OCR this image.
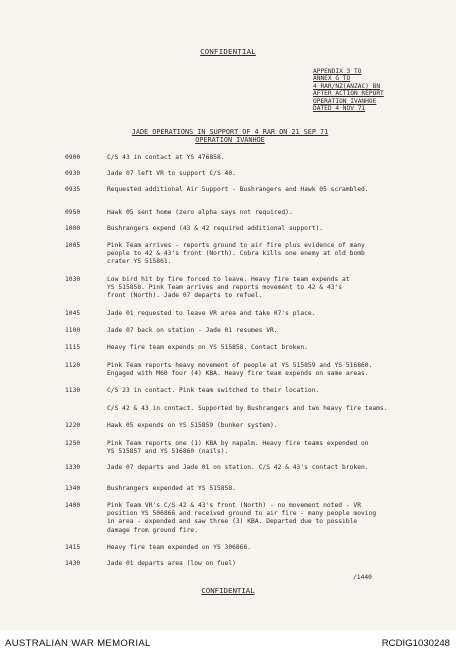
CONFIDENTIAL
APPENDIX 3 TO
ANNEX G TO
4 RAR/NZ(ANZAC) BN
AFTER ACTION REPORT
OPERATION IVANHOE
DATED 4 NOV 71
JADE OPERATIONS IN SUPPORT OF 4 RAR ON 21 SEP 71
OPERATION IVANHOE
0900	C/S 43 in contact at YS 476858.
0930	Jade 07 left VR to support C/S 40.
0935	Requested additional Air Support - Bushrangers and Hawk 05 scrambled.
0950	Hawk 05 sent home (zero alpha says not required).
1000	Bushrangers expend (43 & 42 required additional support).
1005	Pink Team arrives - reports ground to air fire plus evidence of many
people to 42 & 43's front (North). Cobra kills one enemy at old bomb
crater YS 515861.
1030	Low bird hit by fire forced to leave. Heavy fire team expends at
YS 515858. Pink Team arrives and reports movement to 42 & 43's
front (North). Jade 07 departs to refuel.
1045	Jade 01 requested to leave VR area and take 07's place.
1100	Jade 07 back on station - Jade 01 resumes VR.
1115	Heavy fire team expends on YS 515858. Contact broken.
1120	Pink Team reports heavy movement of people at YS 515859 and YS 516860.
Engaged with M60 four (4) KBA. Heavy fire team expends on same areas.
1130	C/S 23 in contact. Pink team switched to their location.
C/S 42 & 43 in contact. Supported by Bushrangers and two heavy fire teams.
1220	Hawk 05 expends on YS 515859 (bunker system).
1250	Pink Team reports one (1) KBA by napalm. Heavy fire teams expended on
YS 515857 and YS 516860 (nails).
1330	Jade 07 departs and Jade 01 on station. C/S 42 & 43's contact broken.
1340	Bushrangers expended at YS 515858.
1400	Pink Team VR's C/S 42 & 43's front (North) - no movement noted - VR
position YS 506866 and received ground to air fire - many people moving
in area - expended and saw three (3) KBA. Departed due to possible
damage from ground fire.
1415	Heavy fire team expended on YS 306866.
1430	Jade 01 departs area (low on fuel)
/1440
CONFIDENTIAL
AUSTRALIAN WAR MEMORIAL	RCDIG1030248
